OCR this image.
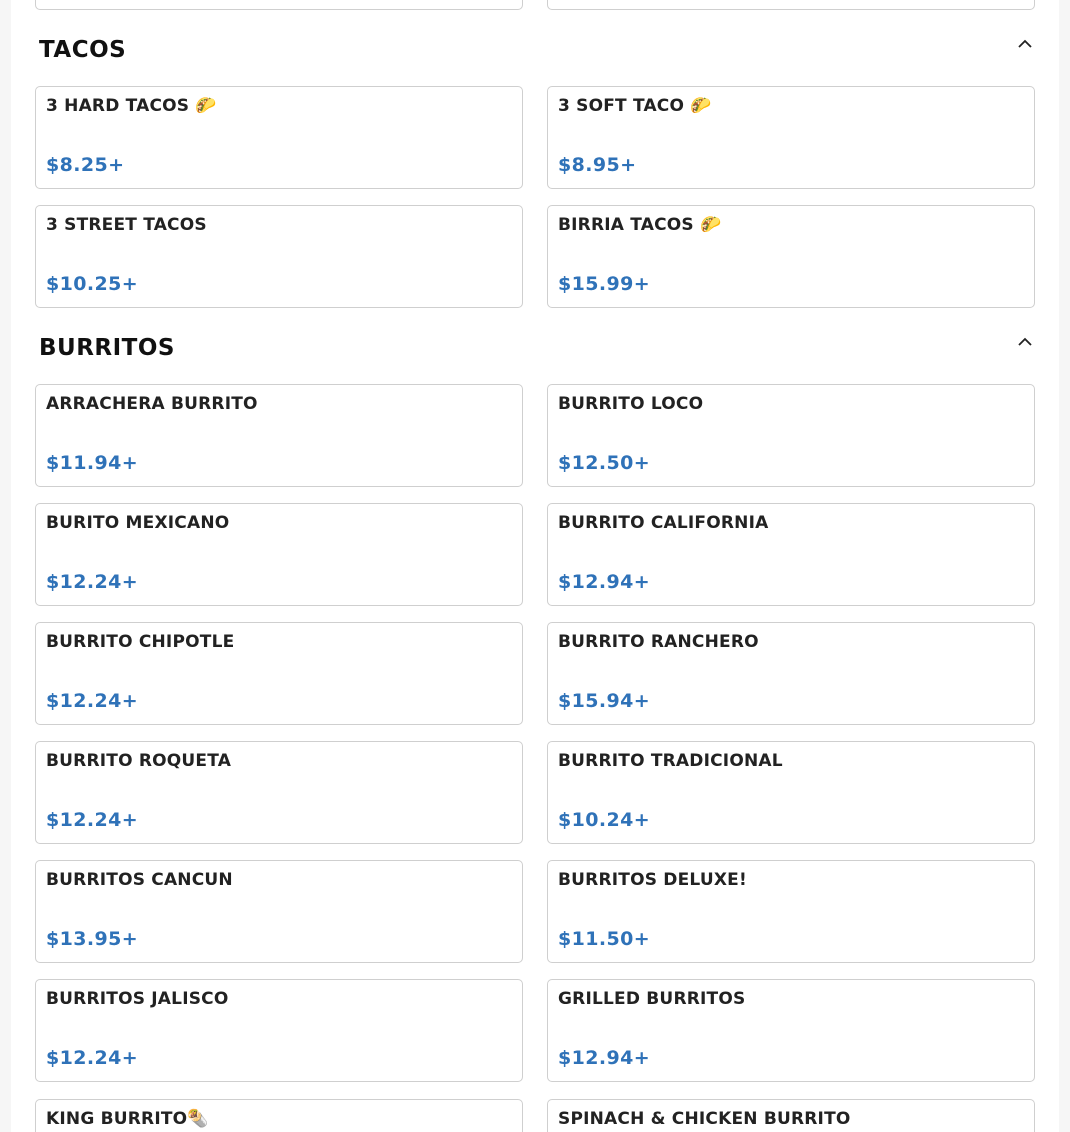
TACOS
3 HARD TACOS 🌮
$8.25+
3 SOFT TACO 🌮
$8.95+
3 STREET TACOS
$10.25+
BIRRIA TACOS 🌮
$15.99+
BURRITOS
ARRACHERA BURRITO
$11.94+
BURRITO LOCO
$12.50+
BURITO MEXICANO
$12.24+
BURRITO CALIFORNIA
$12.94+
BURRITO CHIPOTLE
$12.24+
BURRITO RANCHERO
$15.94+
BURRITO ROQUETA
$12.24+
BURRITO TRADICIONAL
$10.24+
BURRITOS CANCUN
$13.95+
BURRITOS DELUXE!
$11.50+
BURRITOS JALISCO
$12.24+
GRILLED BURRITOS
$12.94+
KING BURRITO🌯	SPINACH & CHICKEN BURRITO
